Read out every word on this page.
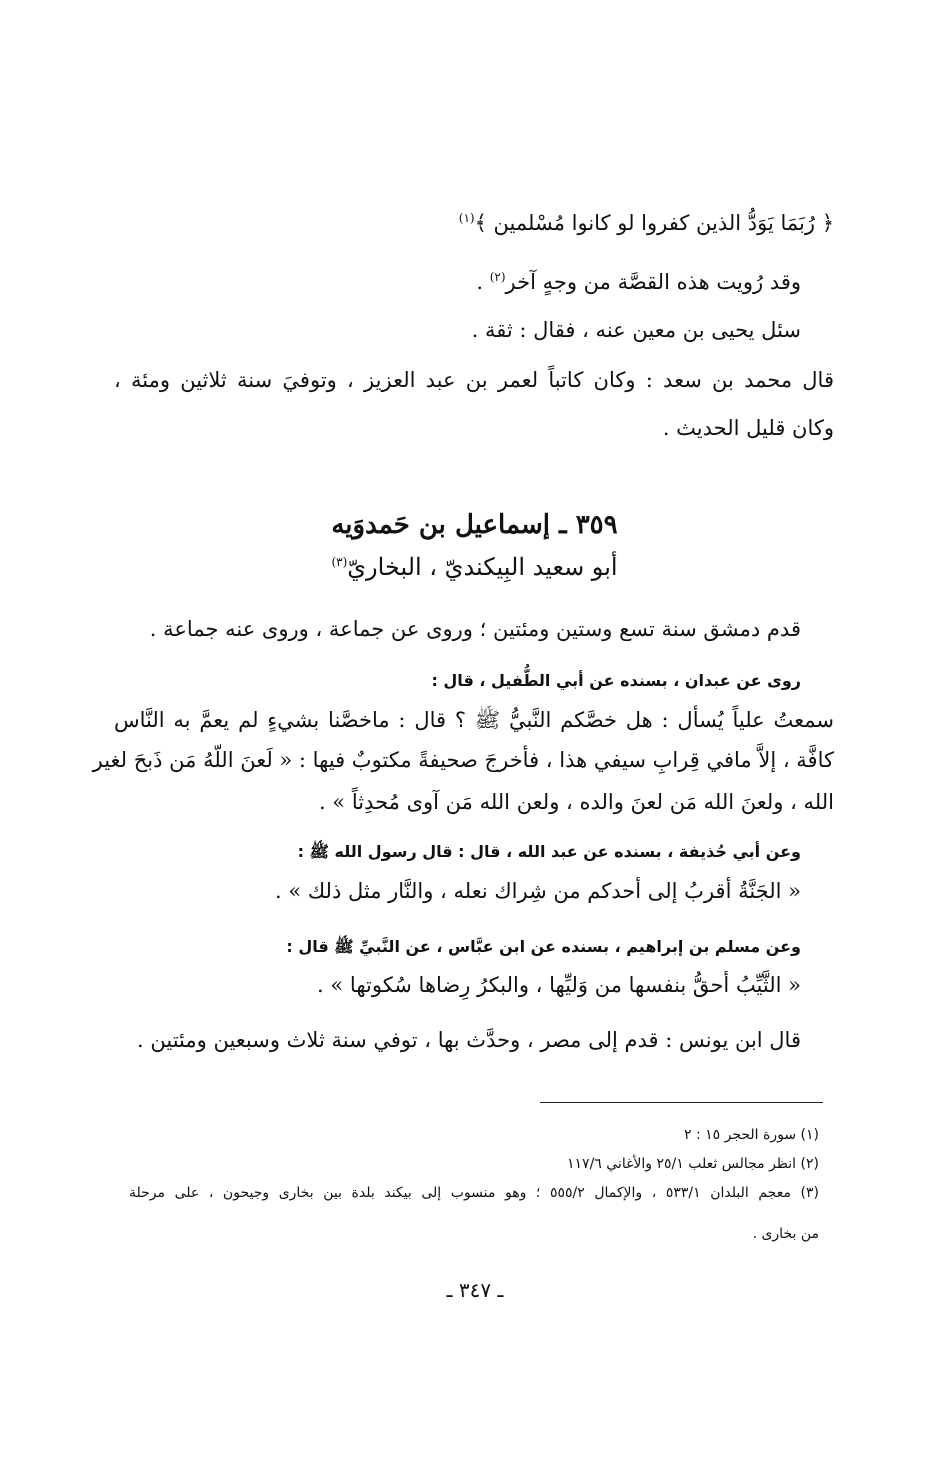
﴿ رُبَمَا يَوَدُّ الذين كفروا لو كانوا مُسْلمين ﴾$^{(١)}$
وقد رُويت هذه القصَّة من وجهٍ آخر$^{(٢)}$ .
سئل يحيى بن معين عنه ، فقال : ثقة .
قال محمد بن سعد : وكان كاتباً لعمر بن عبد العزيز ، وتوفيَ سنة ثلاثين ومئة ،
وكان قليل الحديث .
٣٥٩ ـ إسماعيل بن حَمدوَيه
أبو سعيد البِيكنديّ ، البخاريّ$^{(٣)}$
قدم دمشق سنة تسع وستين ومئتين ؛ وروى عن جماعة ، وروى عنه جماعة .
روى عن عبدان ، بسنده عن أبي الطُّفيل ، قال :
سمعتُ علياً يُسأل : هل خصَّكم النَّبيُّ ﷺ ؟ قال : ماخصَّنا بشيءٍ لم يعمَّ به النَّاس
كافَّة ، إلاَّ مافي قِرابِ سيفي هذا ، فأخرجَ صحيفةً مكتوبٌ فيها : « لَعنَ اللّهُ مَن ذَبحَ لغير
الله ، ولعنَ الله مَن لعنَ والده ، ولعن الله مَن آوى مُحدِثاً » .
وعن أبي حُذيفة ، بسنده عن عبد الله ، قال : قال رسول الله ﷺ :
« الجَنَّةُ أقربُ إلى أحدكم من شِراك نعله ، والنَّار مثل ذلك » .
وعن مسلم بن إبراهيم ، بسنده عن ابن عبَّاس ، عن النَّبيِّ ﷺ قال :
« الثَّيِّبُ أحقُّ بنفسها من وَليِّها ، والبكرُ رِضاها سُكوتها » .
قال ابن يونس : قدم إلى مصر ، وحدَّث بها ، توفي سنة ثلاث وسبعين ومئتين .
(١) سورة الحجر ١٥ : ٢
(٢) انظر مجالس ثعلب ٢٥/١ والأغاني ١١٧/٦
(٣) معجم البلدان ٥٣٣/١ ، والإكمال ٥٥٥/٢ ؛ وهو منسوب إلى بيكند بلدة بين بخارى وجيحون ، على مرحلة
من بخارى .
ـ ٣٤٧ ـ
